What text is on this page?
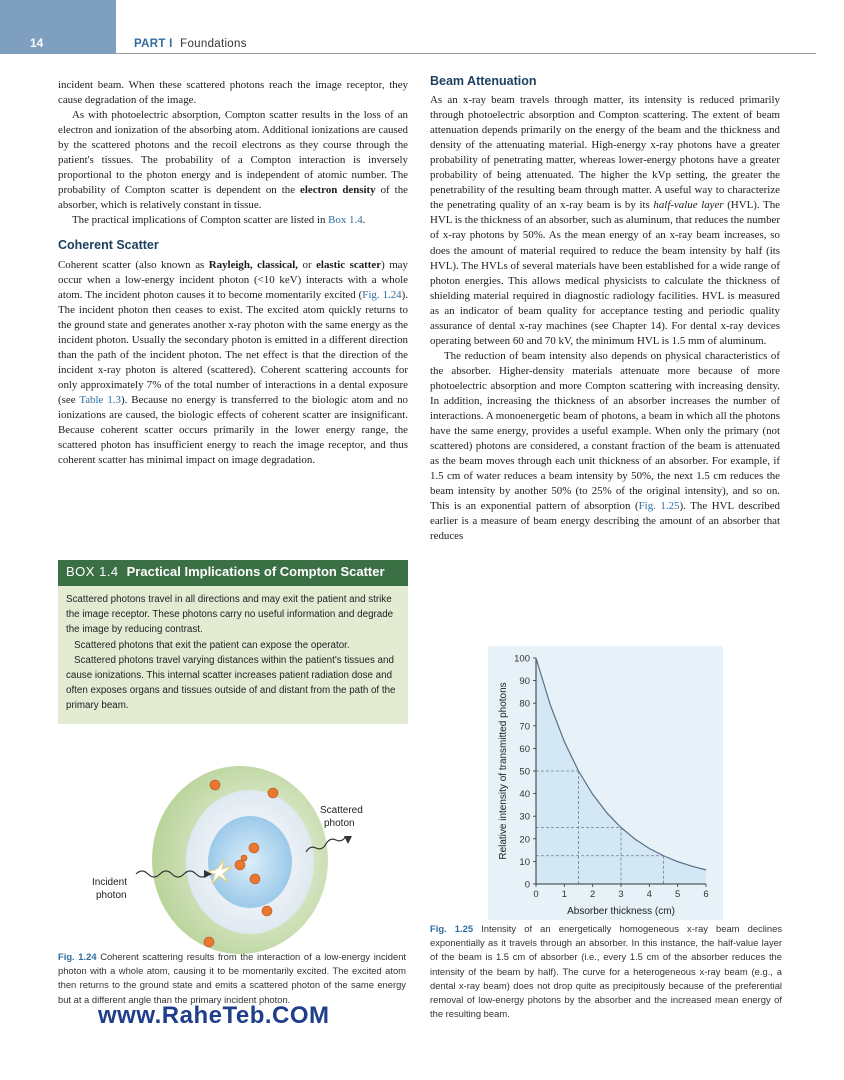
14	PART I Foundations

incident beam. When these scattered photons reach the image receptor, they cause degradation of the image.

As with photoelectric absorption, Compton scatter results in the loss of an electron and ionization of the absorbing atom. Additional ionizations are caused by the scattered photons and the recoil electrons as they course through the patient's tissues. The probability of a Compton interaction is inversely proportional to the photon energy and is independent of atomic number. The probability of Compton scatter is dependent on the electron density of the absorber, which is relatively constant in tissue.

The practical implications of Compton scatter are listed in Box 1.4.

Coherent Scatter

Coherent scatter (also known as Rayleigh, classical, or elastic scatter) may occur when a low-energy incident photon (<10 keV) interacts with a whole atom. The incident photon causes it to become momentarily excited (Fig. 1.24). The incident photon then ceases to exist. The excited atom quickly returns to the ground state and generates another x-ray photon with the same energy as the incident photon. Usually the secondary photon is emitted in a different direction than the path of the incident photon. The net effect is that the direction of the incident x-ray photon is altered (scattered). Coherent scattering accounts for only approximately 7% of the total number of interactions in a dental exposure (see Table 1.3). Because no energy is transferred to the biologic atom and no ionizations are caused, the biologic effects of coherent scatter are insignificant. Because coherent scatter occurs primarily in the lower energy range, the scattered photon has insufficient energy to reach the image receptor, and thus coherent scatter has minimal impact on image degradation.

BOX 1.4 Practical Implications of Compton Scatter

Scattered photons travel in all directions and may exit the patient and strike the image receptor. These photons carry no useful information and degrade the image by reducing contrast.

Scattered photons that exit the patient can expose the operator.

Scattered photons travel varying distances within the patient's tissues and cause ionizations. This internal scatter increases patient radiation dose and often exposes organs and tissues outside of and distant from the path of the primary beam.

Incident
photon
Scattered
photon
Fig. 1.24 Coherent scattering results from the interaction of a low-energy incident photon with a whole atom, causing it to be momentarily excited. The excited atom then returns to the ground state and emits a scattered photon of the same energy but at a different angle than the primary incident photon.
Beam Attenuation

As an x-ray beam travels through matter, its intensity is reduced primarily through photoelectric absorption and Compton scattering. The extent of beam attenuation depends primarily on the energy of the beam and the thickness and density of the attenuating material. High-energy x-ray photons have a greater probability of penetrating matter, whereas lower-energy photons have a greater probability of being attenuated. The higher the kVp setting, the greater the penetrability of the resulting beam through matter. A useful way to characterize the penetrating quality of an x-ray beam is by its half-value layer (HVL). The HVL is the thickness of an absorber, such as aluminum, that reduces the number of x-ray photons by 50%. As the mean energy of an x-ray beam increases, so does the amount of material required to reduce the beam intensity by half (its HVL). The HVLs of several materials have been established for a wide range of photon energies. This allows medical physicists to calculate the thickness of shielding material required in diagnostic radiology facilities. HVL is measured as an indicator of beam quality for acceptance testing and periodic quality assurance of dental x-ray machines (see Chapter 14). For dental x-ray devices operating between 60 and 70 kV, the minimum HVL is 1.5 mm of aluminum.

The reduction of beam intensity also depends on physical characteristics of the absorber. Higher-density materials attenuate more because of more photoelectric absorption and more Compton scattering with increasing density. In addition, increasing the thickness of an absorber increases the number of interactions. A monoenergetic beam of photons, a beam in which all the photons have the same energy, provides a useful example. When only the primary (not scattered) photons are considered, a constant fraction of the beam is attenuated as the beam moves through each unit thickness of an absorber. For example, if 1.5 cm of water reduces a beam intensity by 50%, the next 1.5 cm reduces the beam intensity by another 50% (to 25% of the original intensity), and so on. This is an exponential pattern of absorption (Fig. 1.25). The HVL described earlier is a measure of beam energy describing the amount of an absorber that reduces

0
10
20
30
40
50
60
70
80
90
100
0 1 2 3 4 5 6
Absorber thickness (cm)
Relative intensity of transmitted photons
Fig. 1.25 Intensity of an energetically homogeneous x-ray beam declines exponentially as it travels through an absorber. In this instance, the half-value layer of the beam is 1.5 cm of absorber (i.e., every 1.5 cm of the absorber reduces the intensity of the beam by half). The curve for a heterogeneous x-ray beam (e.g., a dental x-ray beam) does not drop quite as precipitously because of the preferential removal of low-energy photons by the absorber and the increased mean energy of the resulting beam.
www.RaheTeb.COM
